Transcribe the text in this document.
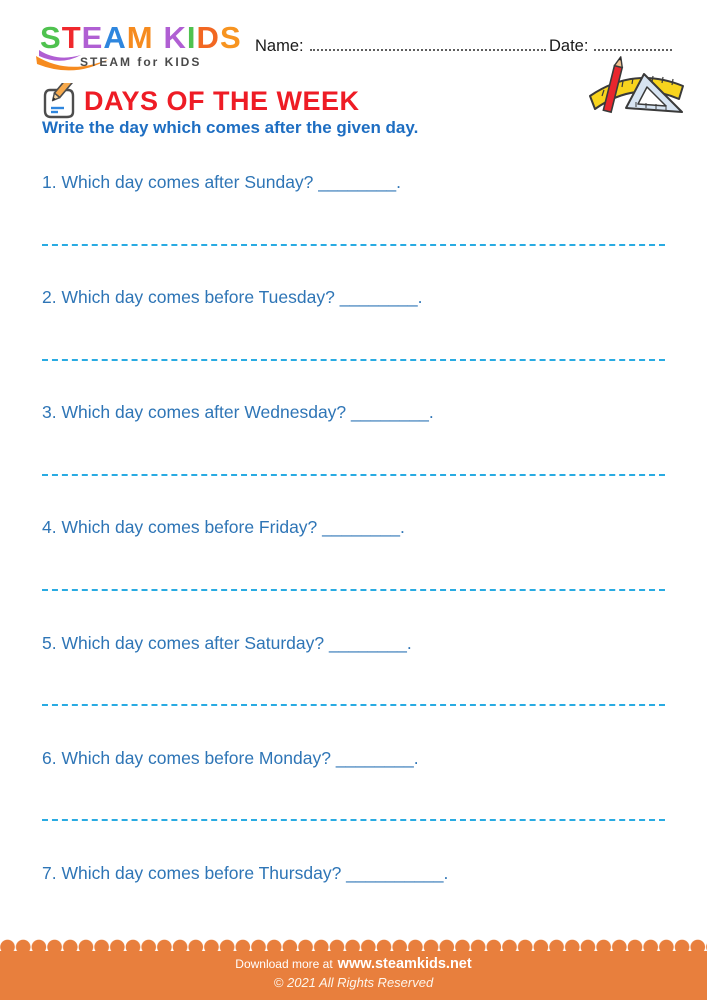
STEAM KIDS
STEAM for KIDS
Name:	Date:
DAYS OF THE WEEK
Write the day which comes after the given day.

1. Which day comes after Sunday? ________.

2. Which day comes before Tuesday? ________.

3. Which day comes after Wednesday? ________.

4. Which day comes before Friday? ________.

5. Which day comes after Saturday? ________.

6. Which day comes before Monday? ________.

7. Which day comes before Thursday? __________.

Download more at www.steamkids.net
© 2021 All Rights Reserved
